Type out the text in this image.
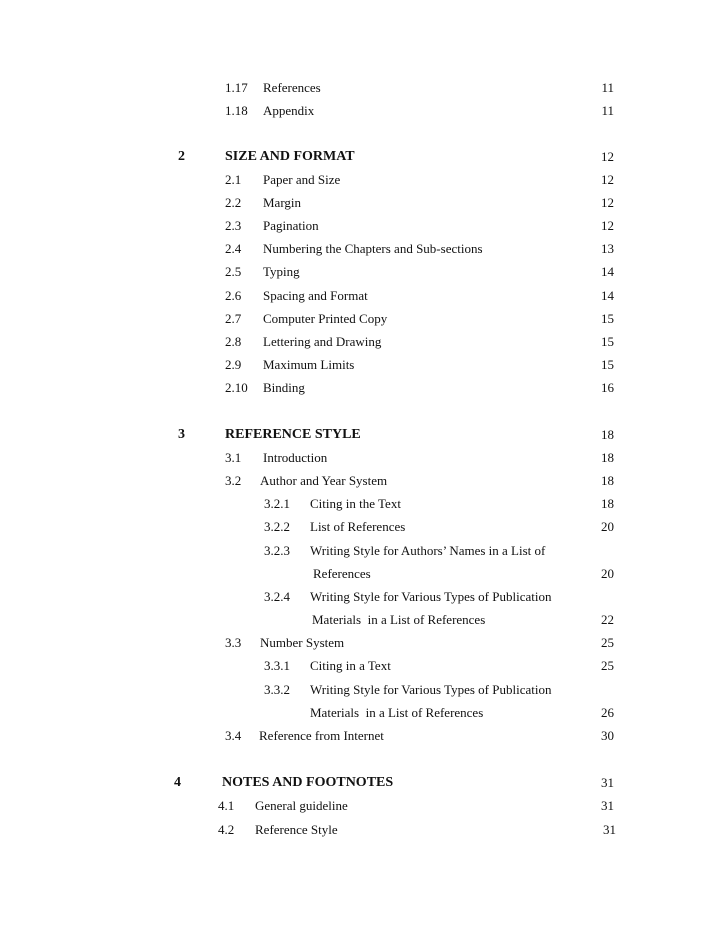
1.17 References	11
1.18 Appendix	11
2	SIZE AND FORMAT	12
2.1 Paper and Size	12
2.2 Margin	12
2.3 Pagination	12
2.4 Numbering the Chapters and Sub-sections	13
2.5 Typing	14
2.6 Spacing and Format	14
2.7 Computer Printed Copy	15
2.8 Lettering and Drawing	15
2.9 Maximum Limits	15
2.10 Binding	16
3	REFERENCE STYLE	18
3.1 Introduction	18
3.2 Author and Year System	18
3.2.1 Citing in the Text	18
3.2.2 List of References	20
3.2.3 Writing Style for Authors’ Names in a List of
References	20
3.2.4 Writing Style for Various Types of Publication
Materials  in a List of References	22
3.3 Number System	25
3.3.1 Citing in a Text	25
3.3.2 Writing Style for Various Types of Publication
Materials  in a List of References	26
3.4 Reference from Internet	30
4	NOTES AND FOOTNOTES	31
4.1 General guideline	31
4.2 Reference Style	31
